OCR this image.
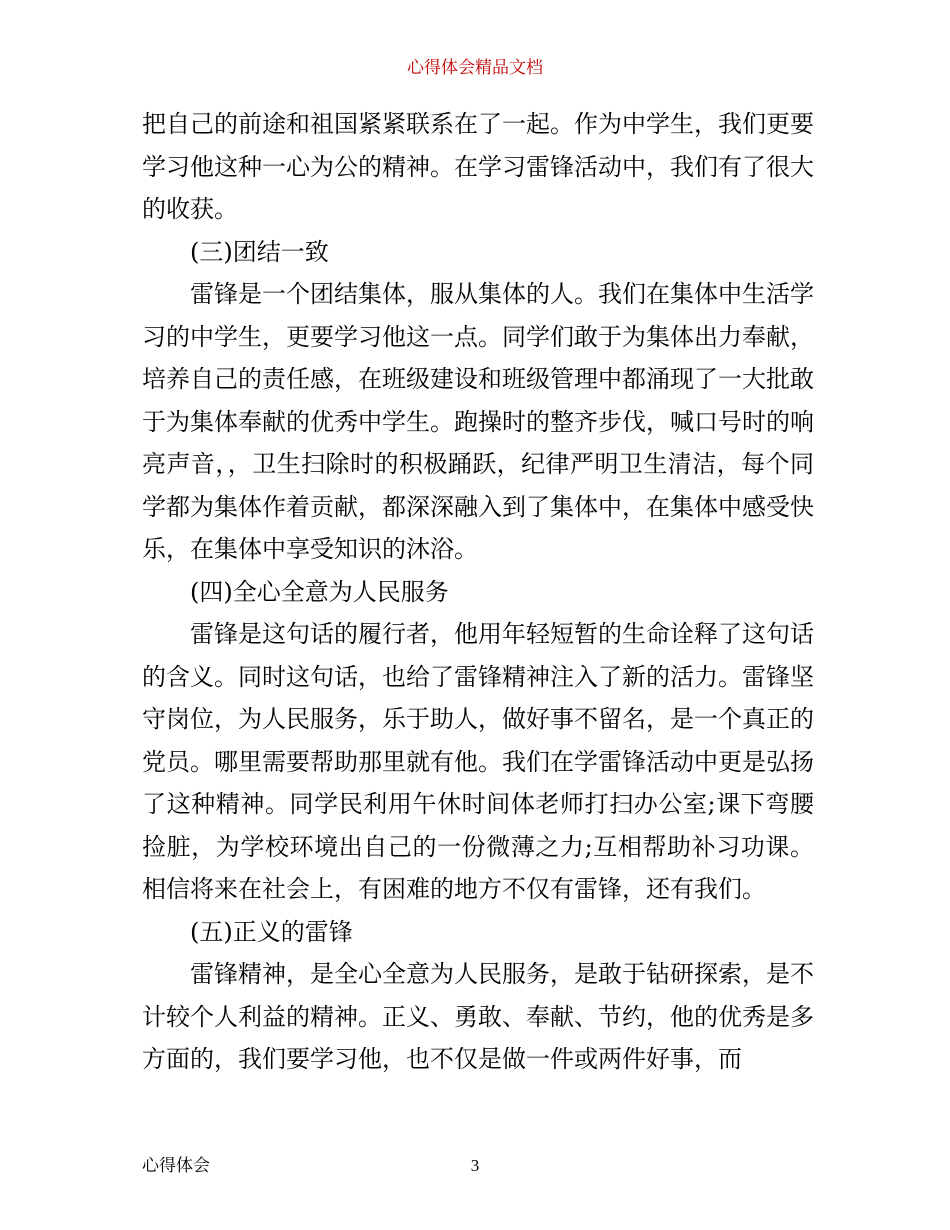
心得体会精品文档

把自己的前途和祖国紧紧联系在了一起。作为中学生，我们更要学习他这种一心为公的精神。在学习雷锋活动中，我们有了很大的收获。

(三)团结一致

雷锋是一个团结集体，服从集体的人。我们在集体中生活学习的中学生，更要学习他这一点。同学们敢于为集体出力奉献，培养自己的责任感，在班级建设和班级管理中都涌现了一大批敢于为集体奉献的优秀中学生。跑操时的整齐步伐，喊口号时的响亮声音，，卫生扫除时的积极踊跃，纪律严明卫生清洁，每个同学都为集体作着贡献，都深深融入到了集体中，在集体中感受快乐，在集体中享受知识的沐浴。

(四)全心全意为人民服务

雷锋是这句话的履行者，他用年轻短暂的生命诠释了这句话的含义。同时这句话，也给了雷锋精神注入了新的活力。雷锋坚守岗位，为人民服务，乐于助人，做好事不留名，是一个真正的党员。哪里需要帮助那里就有他。我们在学雷锋活动中更是弘扬了这种精神。同学民利用午休时间体老师打扫办公室;课下弯腰捡脏，为学校环境出自己的一份微薄之力;互相帮助补习功课。相信将来在社会上，有困难的地方不仅有雷锋，还有我们。

(五)正义的雷锋

雷锋精神，是全心全意为人民服务，是敢于钻研探索，是不计较个人利益的精神。正义、勇敢、奉献、节约，他的优秀是多方面的，我们要学习他，也不仅是做一件或两件好事，而

心得体会	3
